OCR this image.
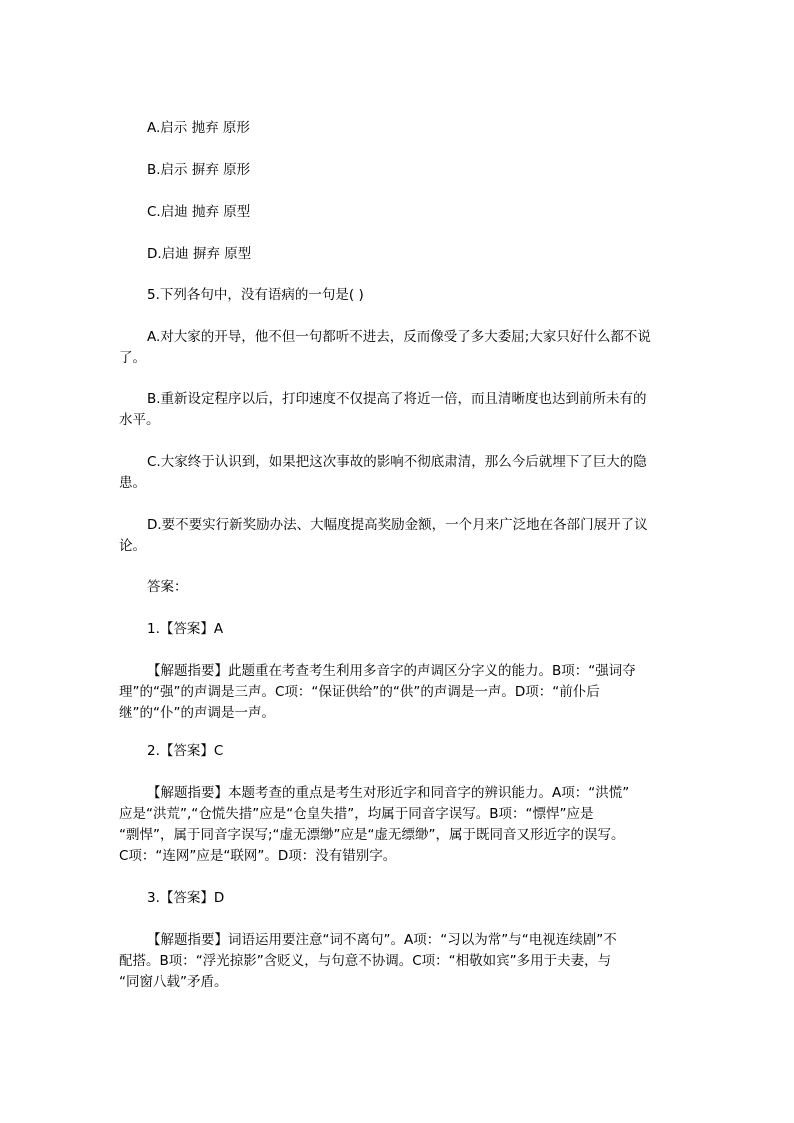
A.启示 抛弃 原形
B.启示 摒弃 原形
C.启迪 抛弃 原型
D.启迪 摒弃 原型
5.下列各句中，没有语病的一句是( )
A.对大家的开导，他不但一句都听不进去，反而像受了多大委屈;大家只好什么都不说
了。
B.重新设定程序以后，打印速度不仅提高了将近一倍，而且清晰度也达到前所未有的
水平。
C.大家终于认识到，如果把这次事故的影响不彻底肃清，那么今后就埋下了巨大的隐
患。
D.要不要实行新奖励办法、大幅度提高奖励金额，一个月来广泛地在各部门展开了议
论。
答案：
1.【答案】A
【解题指要】此题重在考查考生利用多音字的声调区分字义的能力。B项：“强词夺
理”的“强”的声调是三声。C项：“保证供给”的“供”的声调是一声。D项：“前仆后
继”的“仆”的声调是一声。
2.【答案】C
【解题指要】本题考查的重点是考生对形近字和同音字的辨识能力。A项：“洪慌”
应是“洪荒”,“仓慌失措”应是“仓皇失措”，均属于同音字误写。B项：“慓悍”应是
“剽悍”，属于同音字误写;“虚无漂缈”应是“虚无缥缈”，属于既同音又形近字的误写。
C项：“连网”应是“联网”。D项：没有错别字。
3.【答案】D
【解题指要】词语运用要注意“词不离句”。A项：“习以为常”与“电视连续剧”不
配搭。B项：“浮光掠影”含贬义，与句意不协调。C项：“相敬如宾”多用于夫妻，与
“同窗八载”矛盾。
